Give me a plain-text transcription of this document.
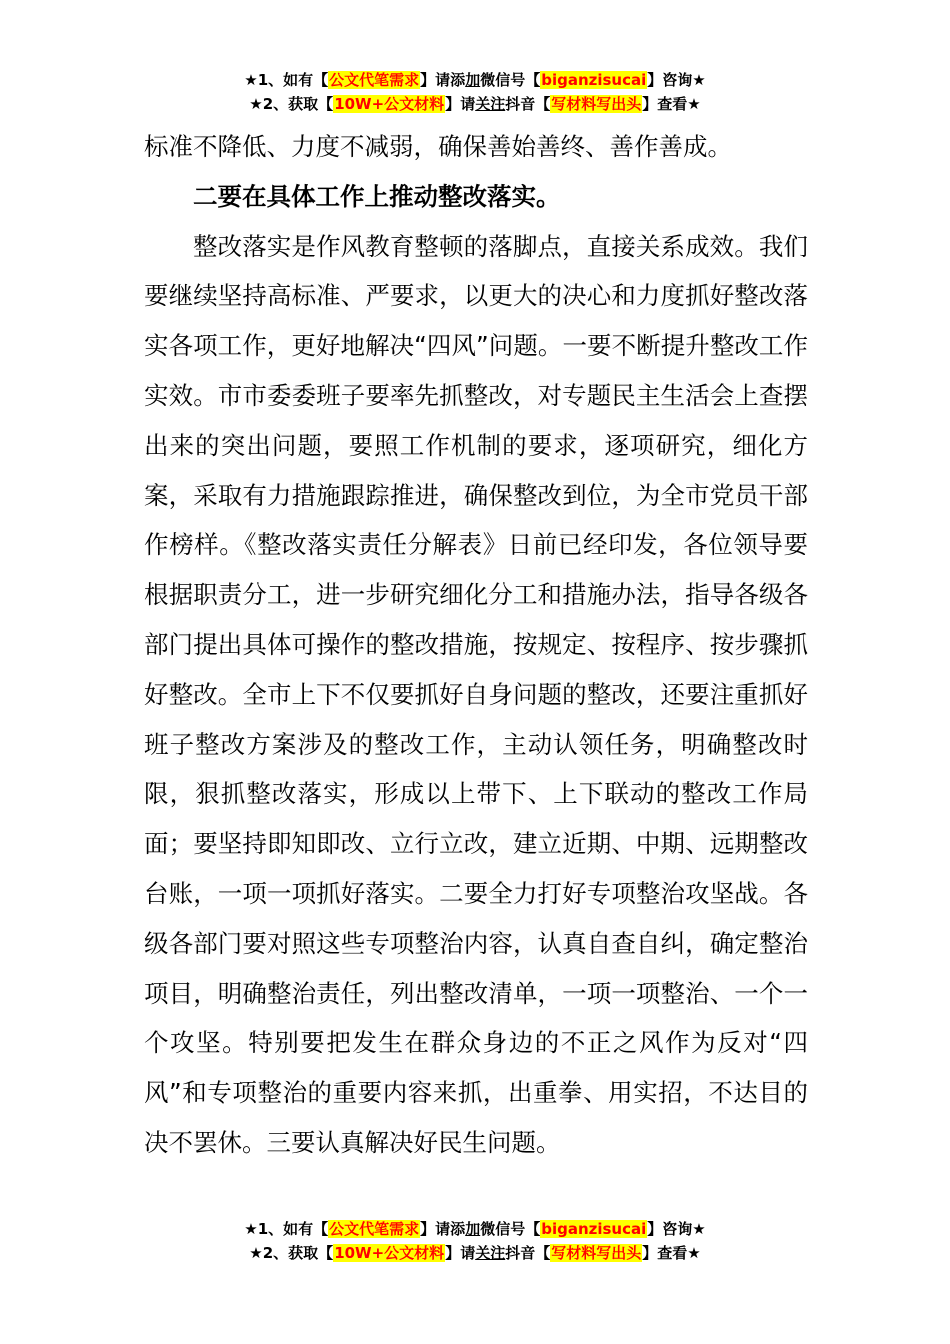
★1、如有【公文代笔需求】请添加微信号【biganzisucai】咨询★
★2、获取【10W+公文材料】请关注抖音【写材料写出头】查看★

标准不降低、力度不减弱，确保善始善终、善作善成。

二要在具体工作上推动整改落实。

整改落实是作风教育整顿的落脚点，直接关系成效。我们要继续坚持高标准、严要求，以更大的决心和力度抓好整改落实各项工作，更好地解决“四风”问题。一要不断提升整改工作实效。市市委委班子要率先抓整改，对专题民主生活会上查摆出来的突出问题，要照工作机制的要求，逐项研究，细化方案，采取有力措施跟踪推进，确保整改到位，为全市党员干部作榜样。《整改落实责任分解表》日前已经印发，各位领导要根据职责分工，进一步研究细化分工和措施办法，指导各级各部门提出具体可操作的整改措施，按规定、按程序、按步骤抓好整改。全市上下不仅要抓好自身问题的整改，还要注重抓好班子整改方案涉及的整改工作，主动认领任务，明确整改时限，狠抓整改落实，形成以上带下、上下联动的整改工作局面；要坚持即知即改、立行立改，建立近期、中期、远期整改台账，一项一项抓好落实。二要全力打好专项整治攻坚战。各级各部门要对照这些专项整治内容，认真自查自纠，确定整治项目，明确整治责任，列出整改清单，一项一项整治、一个一个攻坚。特别要把发生在群众身边的不正之风作为反对“四风”和专项整治的重要内容来抓，出重拳、用实招，不达目的决不罢休。三要认真解决好民生问题。

★1、如有【公文代笔需求】请添加微信号【biganzisucai】咨询★
★2、获取【10W+公文材料】请关注抖音【写材料写出头】查看★
